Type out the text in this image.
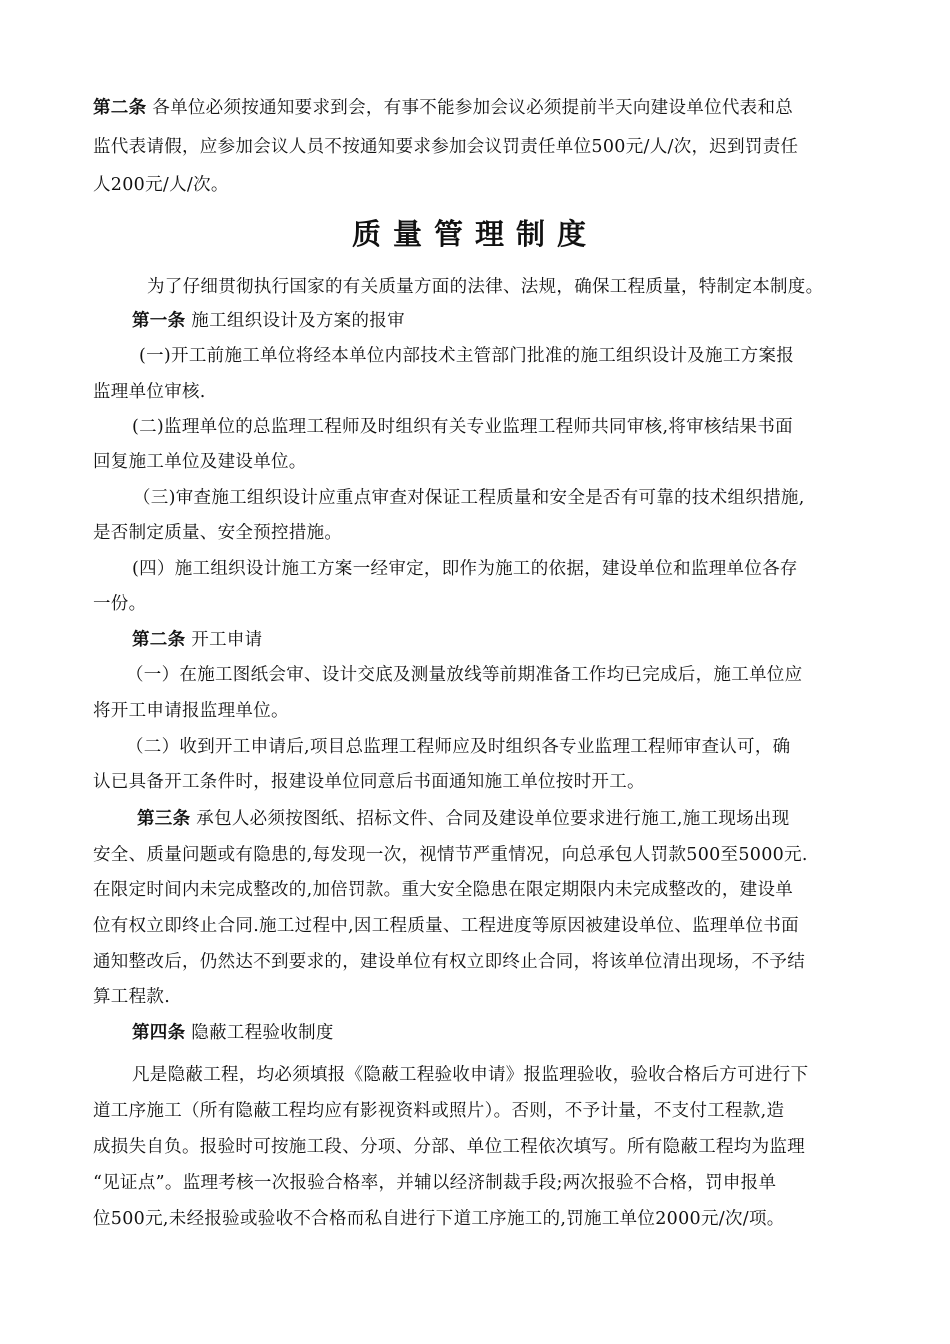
第二条 各单位必须按通知要求到会，有事不能参加会议必须提前半天向建设单位代表和总
监代表请假，应参加会议人员不按通知要求参加会议罚责任单位500元/人/次，迟到罚责任
人200元/人/次。
质量管理制度
为了仔细贯彻执行国家的有关质量方面的法律、法规，确保工程质量，特制定本制度。
第一条 施工组织设计及方案的报审
(一)开工前施工单位将经本单位内部技术主管部门批准的施工组织设计及施工方案报
监理单位审核.
(二)监理单位的总监理工程师及时组织有关专业监理工程师共同审核,将审核结果书面
回复施工单位及建设单位。
（三)审查施工组织设计应重点审查对保证工程质量和安全是否有可靠的技术组织措施,
是否制定质量、安全预控措施。
(四）施工组织设计施工方案一经审定，即作为施工的依据，建设单位和监理单位各存
一份。
第二条 开工申请
（一）在施工图纸会审、设计交底及测量放线等前期准备工作均已完成后，施工单位应
将开工申请报监理单位。
（二）收到开工申请后,项目总监理工程师应及时组织各专业监理工程师审查认可，确
认已具备开工条件时，报建设单位同意后书面通知施工单位按时开工。
第三条 承包人必须按图纸、招标文件、合同及建设单位要求进行施工,施工现场出现
安全、质量问题或有隐患的,每发现一次，视情节严重情况，向总承包人罚款500至5000元.
在限定时间内未完成整改的,加倍罚款。重大安全隐患在限定期限内未完成整改的，建设单
位有权立即终止合同.施工过程中,因工程质量、工程进度等原因被建设单位、监理单位书面
通知整改后，仍然达不到要求的，建设单位有权立即终止合同，将该单位清出现场，不予结
算工程款.
第四条 隐蔽工程验收制度
凡是隐蔽工程，均必须填报《隐蔽工程验收申请》报监理验收，验收合格后方可进行下
道工序施工（所有隐蔽工程均应有影视资料或照片）。否则，不予计量，不支付工程款,造
成损失自负。报验时可按施工段、分项、分部、单位工程依次填写。所有隐蔽工程均为监理
“见证点”。监理考核一次报验合格率，并辅以经济制裁手段;两次报验不合格，罚申报单
位500元,未经报验或验收不合格而私自进行下道工序施工的,罚施工单位2000元/次/项。
